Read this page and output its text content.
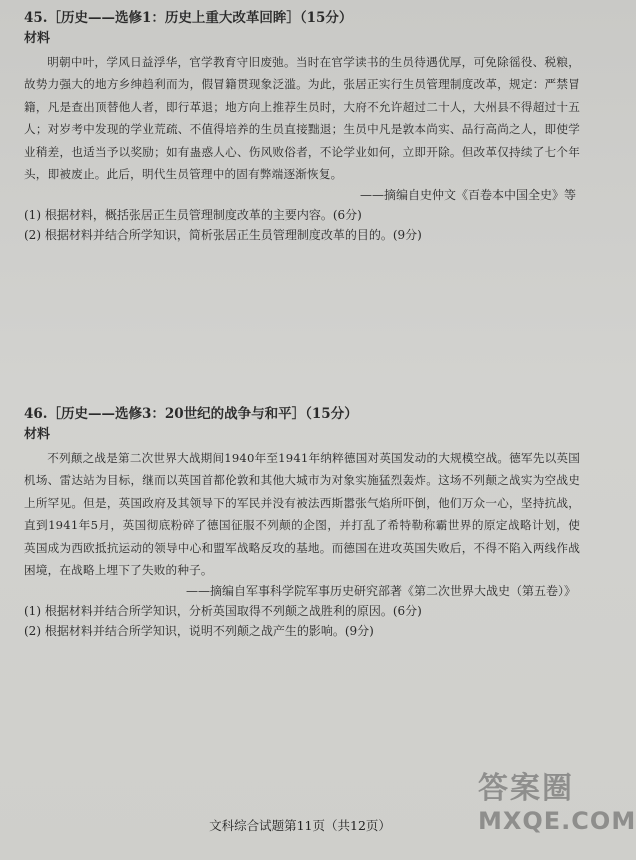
45.［历史——选修1：历史上重大改革回眸］（15分）
材料
明朝中叶，学风日益浮华，官学教育守旧废弛。当时在官学读书的生员待遇优厚，可免除徭役、税粮，故势力强大的地方乡绅趋利而为，假冒籍贯现象泛滥。为此，张居正实行生员管理制度改革，规定：严禁冒籍，凡是查出顶替他人者，即行革退；地方向上推荐生员时，大府不允许超过二十人，大州县不得超过十五人；对岁考中发现的学业荒疏、不值得培养的生员直接黜退；生员中凡是敦本尚实、品行高尚之人，即使学业稍差，也适当予以奖励；如有蛊惑人心、伤风败俗者，不论学业如何，立即开除。但改革仅持续了七个年头，即被废止。此后，明代生员管理中的固有弊端逐渐恢复。
——摘编自史仲文《百卷本中国全史》等
(1) 根据材料，概括张居正生员管理制度改革的主要内容。(6分)
(2) 根据材料并结合所学知识，简析张居正生员管理制度改革的目的。(9分)
46.［历史——选修3：20世纪的战争与和平］（15分）
材料
不列颠之战是第二次世界大战期间1940年至1941年纳粹德国对英国发动的大规模空战。德军先以英国机场、雷达站为目标，继而以英国首都伦敦和其他大城市为对象实施猛烈轰炸。这场不列颠之战实为空战史上所罕见。但是，英国政府及其领导下的军民并没有被法西斯嚣张气焰所吓倒，他们万众一心，坚持抗战，直到1941年5月，英国彻底粉碎了德国征服不列颠的企图，并打乱了希特勒称霸世界的原定战略计划，使英国成为西欧抵抗运动的领导中心和盟军战略反攻的基地。而德国在进攻英国失败后，不得不陷入两线作战困境，在战略上埋下了失败的种子。
——摘编自军事科学院军事历史研究部著《第二次世界大战史（第五卷）》
(1) 根据材料并结合所学知识，分析英国取得不列颠之战胜利的原因。(6分)
(2) 根据材料并结合所学知识，说明不列颠之战产生的影响。(9分)
文科综合试题第11页（共12页）
答案圈
MXQE.COM
